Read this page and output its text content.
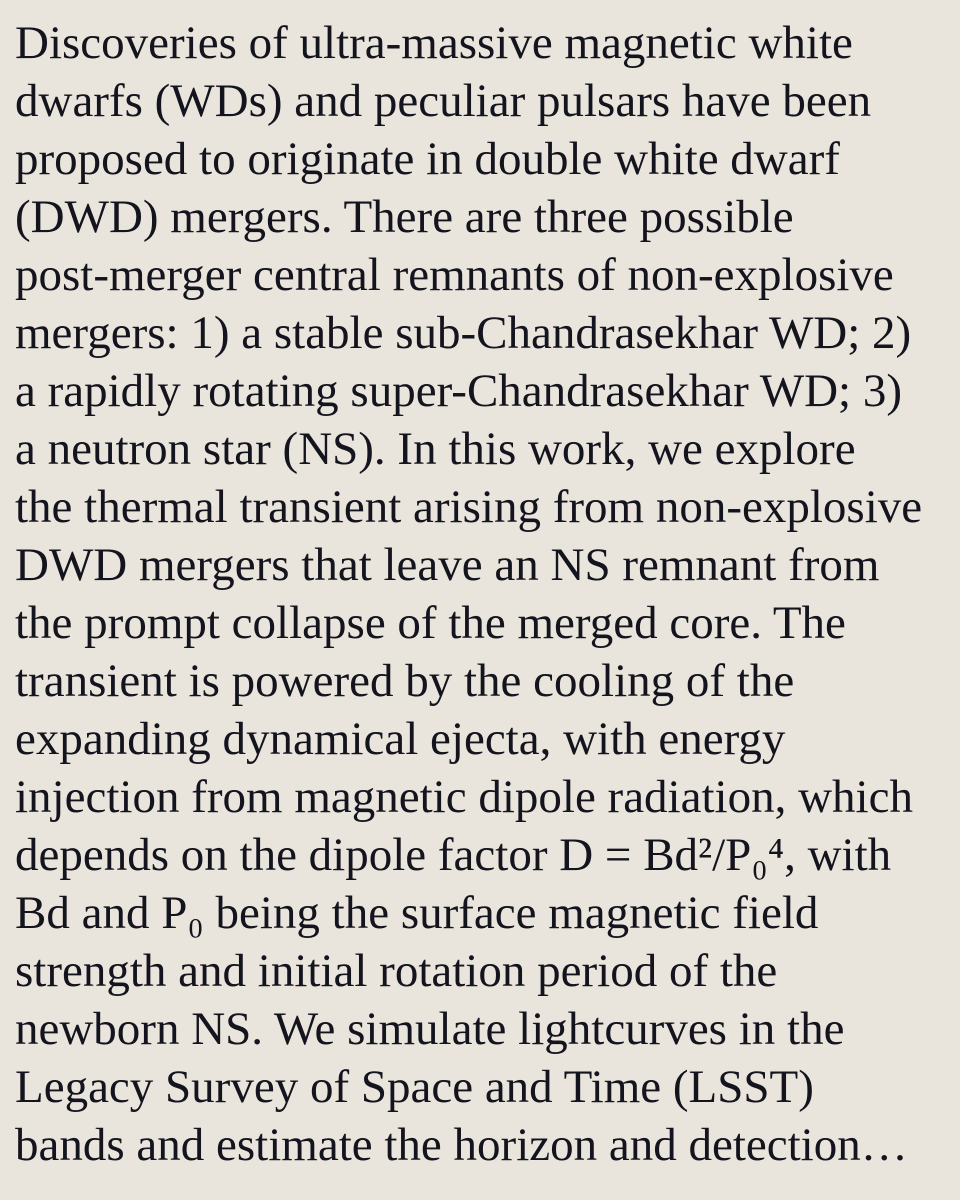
Discoveries of ultra-massive magnetic white
dwarfs (WDs) and peculiar pulsars have been
proposed to originate in double white dwarf
(DWD) mergers. There are three possible
post-merger central remnants of non-explosive
mergers: 1) a stable sub-Chandrasekhar WD; 2)
a rapidly rotating super-Chandrasekhar WD; 3)
a neutron star (NS). In this work, we explore
the thermal transient arising from non-explosive
DWD mergers that leave an NS remnant from
the prompt collapse of the merged core. The
transient is powered by the cooling of the
expanding dynamical ejecta, with energy
injection from magnetic dipole radiation, which
depends on the dipole factor D = Bd²/P₀⁴, with
Bd and P₀ being the surface magnetic field
strength and initial rotation period of the
newborn NS. We simulate lightcurves in the
Legacy Survey of Space and Time (LSST)
bands and estimate the horizon and detection…
